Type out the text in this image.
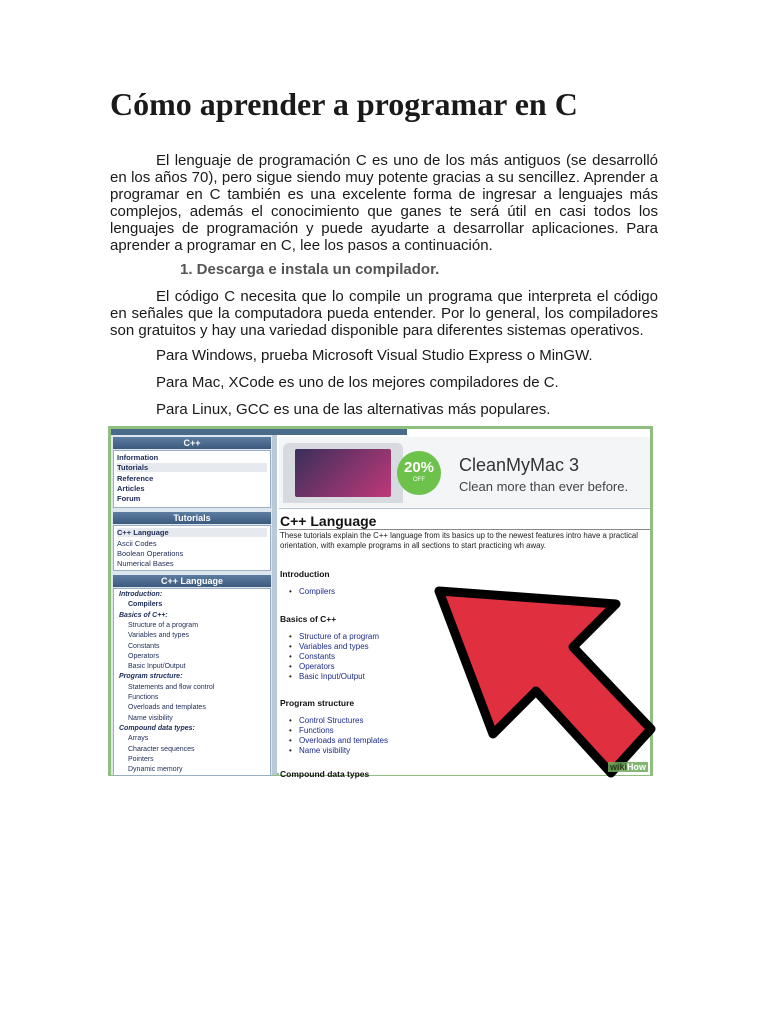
Cómo aprender a programar en C

El lenguaje de programación C es uno de los más antiguos (se desarrolló en los años 70), pero sigue siendo muy potente gracias a su sencillez. Aprender a programar en C también es una excelente forma de ingresar a lenguajes más complejos, además el conocimiento que ganes te será útil en casi todos los lenguajes de programación y puede ayudarte a desarrollar aplicaciones. Para aprender a programar en C, lee los pasos a continuación.

1. Descarga e instala un compilador.

El código C necesita que lo compile un programa que interpreta el código en señales que la computadora pueda entender. Por lo general, los compiladores son gratuitos y hay una variedad disponible para diferentes sistemas operativos.

Para Windows, prueba Microsoft Visual Studio Express o MinGW.

Para Mac, XCode es uno de los mejores compiladores de C.

Para Linux, GCC es una de las alternativas más populares.

C++
Information
Tutorials
Reference
Articles
Forum
Tutorials
C++ Language
Ascii Codes
Boolean Operations
Numerical Bases
C++ Language
Introduction:
Compilers
Basics of C++:
Structure of a program
Variables and types
Constants
Operators
Basic Input/Output
Program structure:
Statements and flow control
Functions
Overloads and templates
Name visibility
Compound data types:
Arrays
Character sequences
Pointers
Dynamic memory
20%
OFF
CleanMyMac 3
Clean more than ever before.
C++ Language
These tutorials explain the C++ language from its basics up to the newest features intro have a practical orientation, with example programs in all sections to start practicing wh away.
Introduction
• Compilers
Basics of C++
• Structure of a program
• Variables and types
• Constants
• Operators
• Basic Input/Output
Program structure
• Control Structures
• Functions
• Overloads and templates
• Name visibility
Compound data types
wikiHow
